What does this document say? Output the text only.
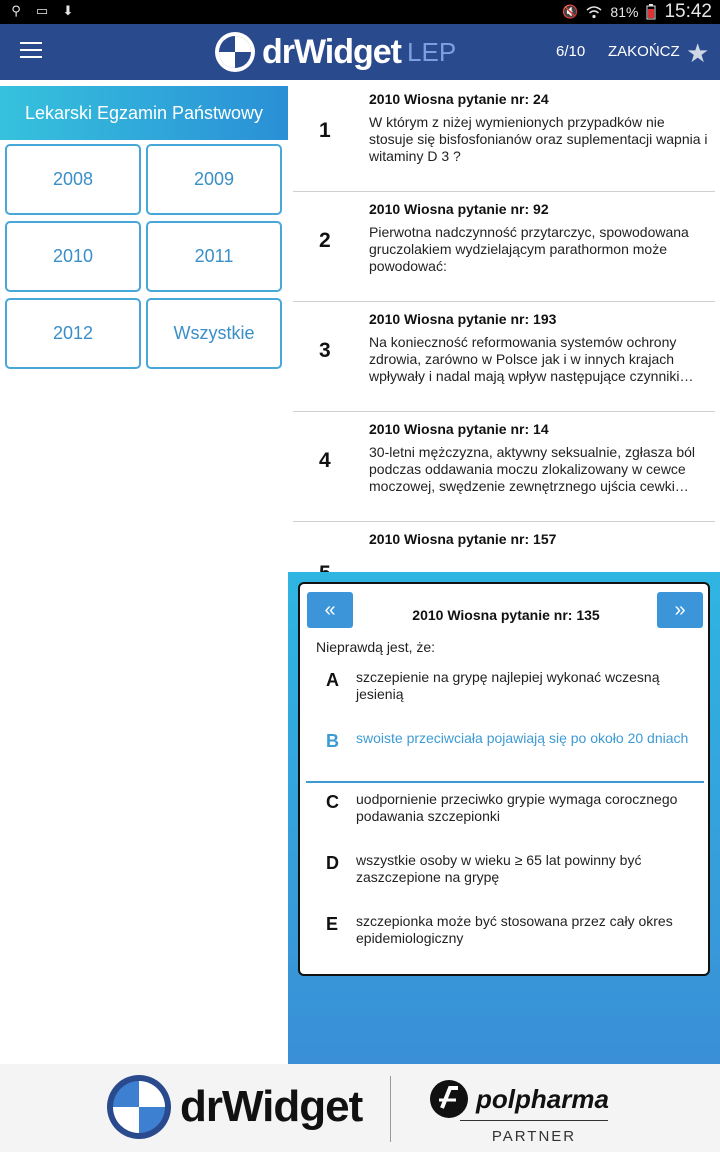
⚲ ▭ ⬇	🔇 81% 15:42
drWidget LEP	6/10 ZAKOŃCZ ★
Lekarski Egzamin Państwowy
2008	2009
2010	2011
2012	Wszystkie
1
2010 Wiosna pytanie nr: 24
W którym z niżej wymienionych przypadków nie stosuje się bisfosfonianów oraz suplementacji wapnia i witaminy D 3 ?
2
2010 Wiosna pytanie nr: 92
Pierwotna nadczynność przytarczyc, spowodowana gruczolakiem wydzielającym parathormon może powodować:
3
2010 Wiosna pytanie nr: 193
Na konieczność reformowania systemów ochrony zdrowia, zarówno w Polsce jak i w innych krajach wpływały i nadal mają wpływ następujące czynniki…
4
2010 Wiosna pytanie nr: 14
30-letni mężczyzna, aktywny seksualnie, zgłasza ból podczas oddawania moczu zlokalizowany w cewce moczowej, swędzenie zewnętrznego ujścia cewki…
2010 Wiosna pytanie nr: 157
«	2010 Wiosna pytanie nr: 135	»
Nieprawdą jest, że:
A szczepienie na grypę najlepiej wykonać wczesną jesienią
B swoiste przeciwciała pojawiają się po około 20 dniach
C uodpornienie przeciwko grypie wymaga corocznego podawania szczepionki
D wszystkie osoby w wieku ≥ 65 lat powinny być zaszczepione na grypę
E szczepionka może być stosowana przez cały okres epidemiologiczny
drWidget	polpharma
PARTNER
